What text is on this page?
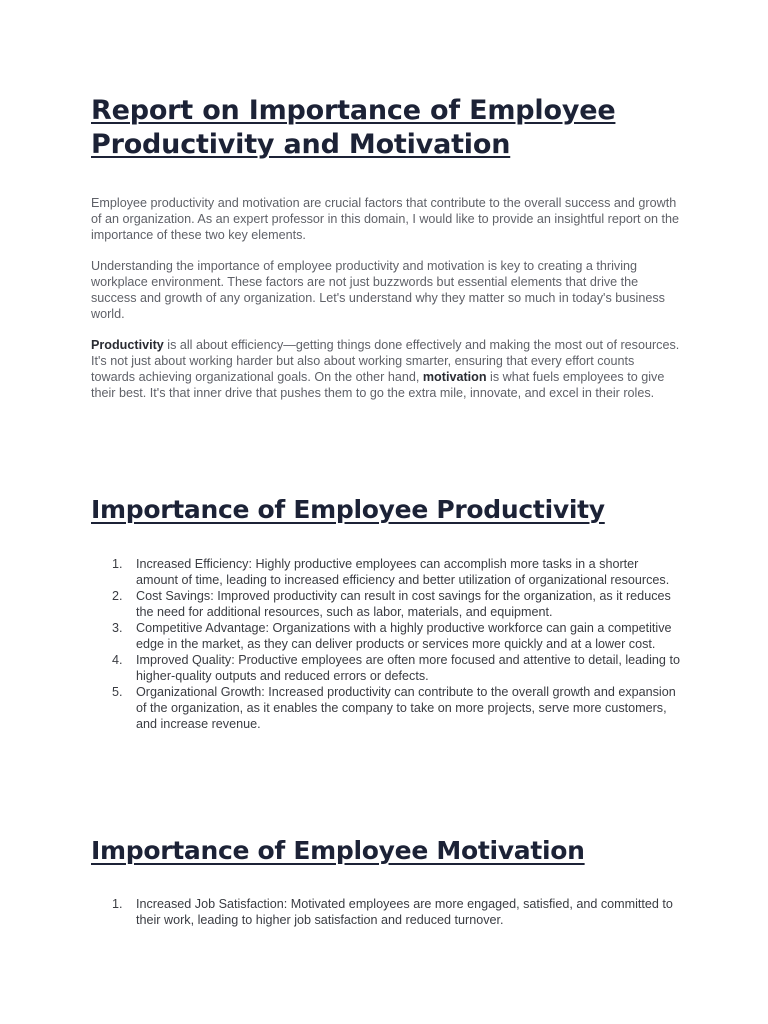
Report on Importance of Employee Productivity and Motivation

Employee productivity and motivation are crucial factors that contribute to the overall success and growth of an organization. As an expert professor in this domain, I would like to provide an insightful report on the importance of these two key elements.

Understanding the importance of employee productivity and motivation is key to creating a thriving workplace environment. These factors are not just buzzwords but essential elements that drive the success and growth of any organization. Let's understand why they matter so much in today's business world.

Productivity is all about efficiency—getting things done effectively and making the most out of resources. It's not just about working harder but also about working smarter, ensuring that every effort counts towards achieving organizational goals. On the other hand, motivation is what fuels employees to give their best. It's that inner drive that pushes them to go the extra mile, innovate, and excel in their roles.

Importance of Employee Productivity
1. Increased Efficiency: Highly productive employees can accomplish more tasks in a shorter amount of time, leading to increased efficiency and better utilization of organizational resources.
2. Cost Savings: Improved productivity can result in cost savings for the organization, as it reduces the need for additional resources, such as labor, materials, and equipment.
3. Competitive Advantage: Organizations with a highly productive workforce can gain a competitive edge in the market, as they can deliver products or services more quickly and at a lower cost.
4. Improved Quality: Productive employees are often more focused and attentive to detail, leading to higher-quality outputs and reduced errors or defects.
5. Organizational Growth: Increased productivity can contribute to the overall growth and expansion of the organization, as it enables the company to take on more projects, serve more customers, and increase revenue.
Importance of Employee Motivation
1. Increased Job Satisfaction: Motivated employees are more engaged, satisfied, and committed to their work, leading to higher job satisfaction and reduced turnover.
